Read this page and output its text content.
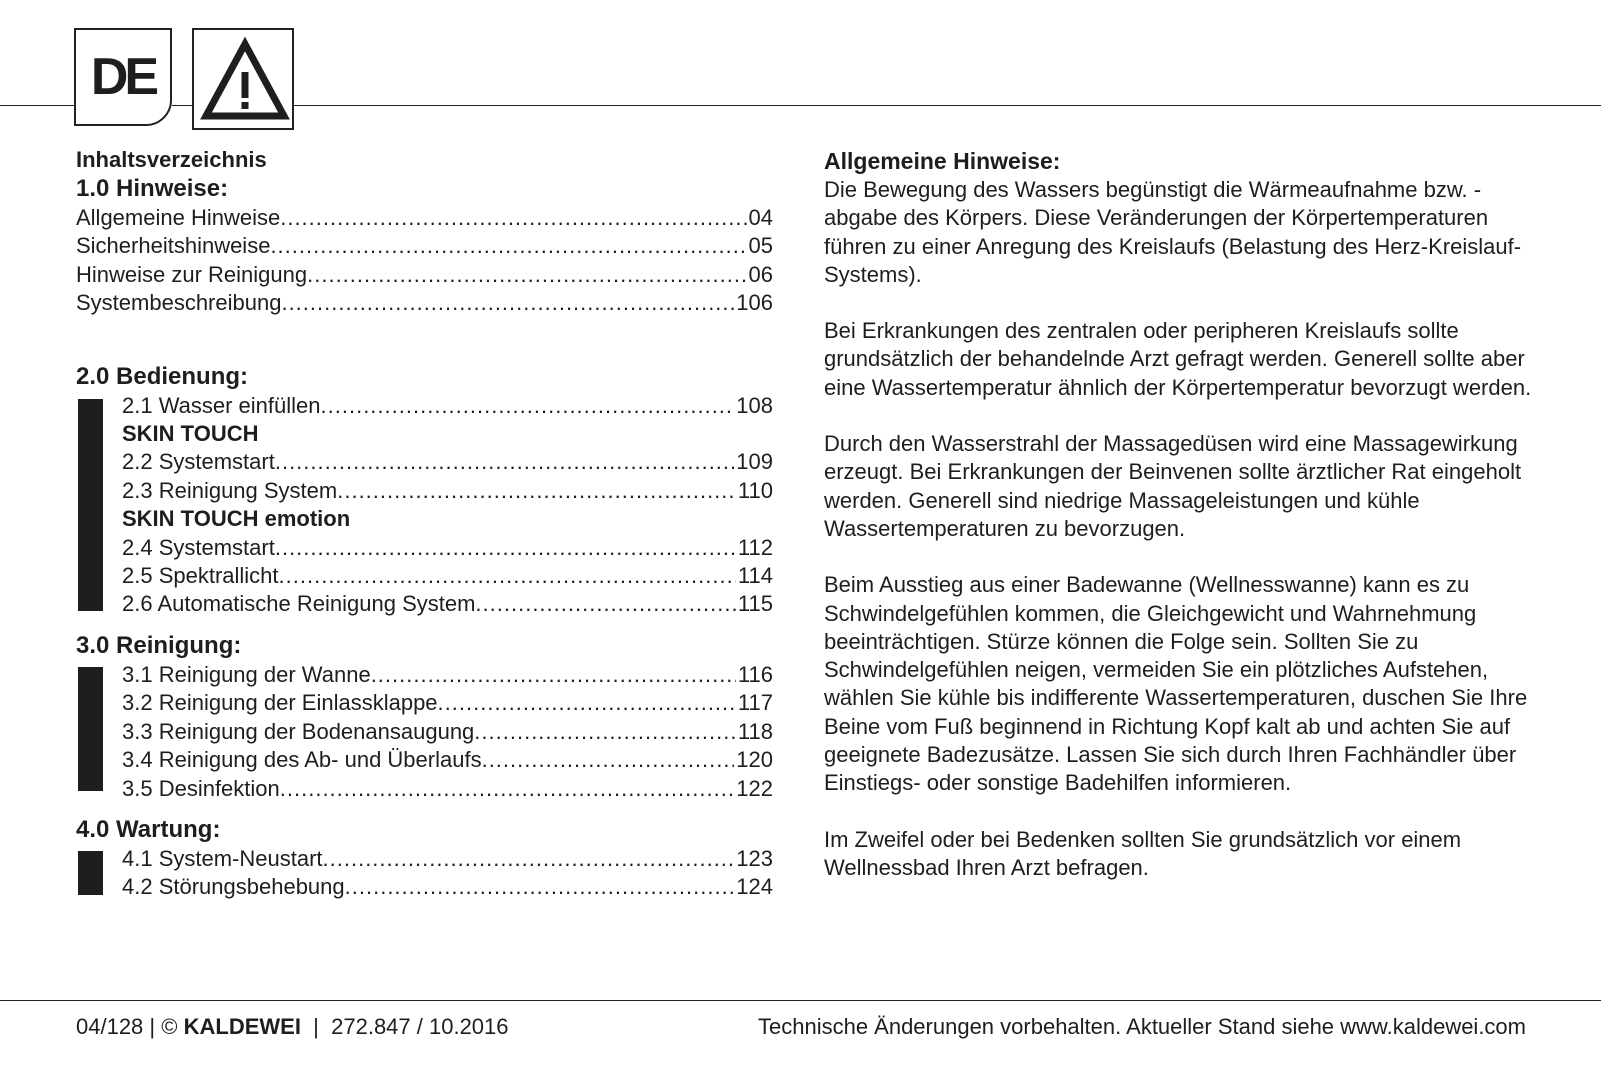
DE
Inhaltsverzeichnis
1.0 Hinweise:
Allgemeine Hinweise .....	04
Sicherheitshinweise .....	05
Hinweise zur Reinigung .....	06
Systembeschreibung .....	106
2.0 Bedienung:
2.1 Wasser einfüllen .....	108
SKIN TOUCH
2.2 Systemstart .....	109
2.3 Reinigung System .....	110
SKIN TOUCH emotion
2.4 Systemstart .....	112
2.5 Spektrallicht .....	114
2.6 Automatische Reinigung System .....	115
3.0 Reinigung:
3.1 Reinigung der Wanne .....	116
3.2 Reinigung der Einlassklappe .....	117
3.3 Reinigung der Bodenansaugung .....	118
3.4 Reinigung des Ab- und Überlaufs .....	120
3.5 Desinfektion .....	122
4.0 Wartung:
4.1 System-Neustart .....	123
4.2 Störungsbehebung .....	124
Allgemeine Hinweise:

Die Bewegung des Wassers begünstigt die Wärmeaufnahme bzw. -abgabe des Körpers. Diese Veränderungen der Körpertemperaturen führen zu einer Anregung des Kreislaufs (Belastung des Herz-Kreislauf-Systems).

Bei Erkrankungen des zentralen oder peripheren Kreislaufs sollte grundsätzlich der behandelnde Arzt gefragt werden. Generell sollte aber eine Wassertemperatur ähnlich der Körpertemperatur bevorzugt werden.

Durch den Wasserstrahl der Massagedüsen wird eine Massagewirkung erzeugt. Bei Erkrankungen der Beinvenen sollte ärztlicher Rat eingeholt werden. Generell sind niedrige Massageleistungen und kühle Wassertemperaturen zu bevorzugen.

Beim Ausstieg aus einer Badewanne (Wellnesswanne) kann es zu Schwindelgefühlen kommen, die Gleichgewicht und Wahrnehmung beeinträchtigen. Stürze können die Folge sein. Sollten Sie zu Schwindelgefühlen neigen, vermeiden Sie ein plötzliches Aufstehen, wählen Sie kühle bis indifferente Wassertemperaturen, duschen Sie Ihre Beine vom Fuß beginnend in Richtung Kopf kalt ab und achten Sie auf geeignete Badezusätze. Lassen Sie sich durch Ihren Fachhändler über Einstiegs- oder sonstige Badehilfen informieren.

Im Zweifel oder bei Bedenken sollten Sie grundsätzlich vor einem Wellnessbad Ihren Arzt befragen.

04/128 | © KALDEWEI | 272.847 / 10.2016	Technische Änderungen vorbehalten. Aktueller Stand siehe www.kaldewei.com
